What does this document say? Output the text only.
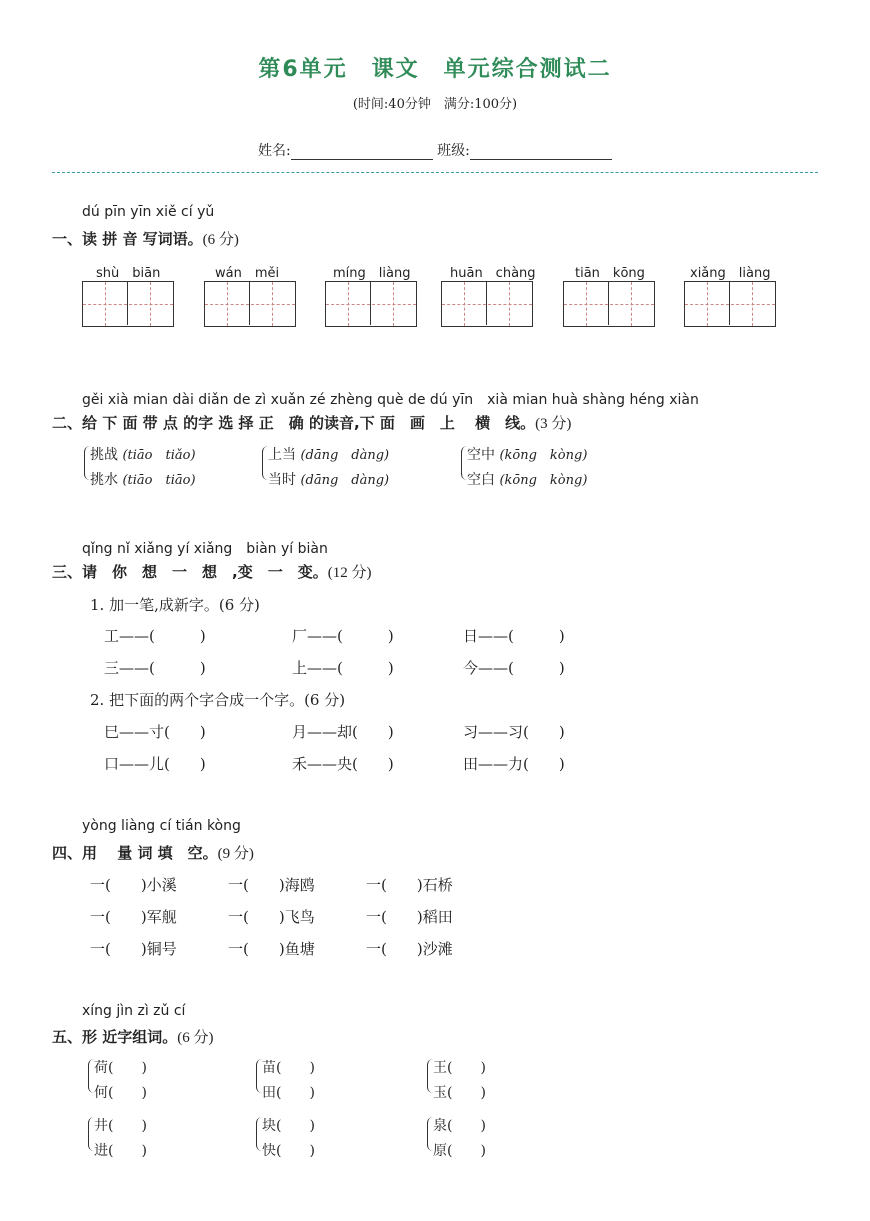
第6单元　课文　单元综合测试二
(时间:40分钟　满分:100分)
姓名:	班级:
dú pīn yīn xiě cí yǔ
一、读 拼 音 写词语。(6 分)
shù　biān	wán　měi	míng　liàng	huān　chàng	tiān　kōng	xiǎng　liàng
gěi xià mian dài diǎn de zì xuǎn zé zhèng què de dú yīn　xià mian huà shàng héng xiàn
二、给 下 面 带 点 的字 选 择 正　确 的读音,下 面　画　上　 横　线。(3 分)
挑战 (tiāo　tiǎo)
挑水 (tiāo　tiāo)
上当 (dāng　dàng)
当时 (dāng　dàng)
空中 (kōng　kòng)
空白 (kōng　kòng)
qǐng nǐ xiǎng yí xiǎng　biàn yí biàn
三、请　你　想　一　想　,变　一　变。(12 分)
1. 加一笔,成新字。(6 分)
工——(　　　)	厂——(　　　)	日——(　　　)
三——(　　　)	上——(　　　)	今——(　　　)
2. 把下面的两个字合成一个字。(6 分)
巳——寸(　　)	月——却(　　)	习——习(　　)
口——儿(　　)	禾——央(　　)	田——力(　　)
yòng liàng cí tián kòng
四、用　 量 词 填　空。(9 分)
一(　　)小溪	一(　　)海鸥	一(　　)石桥
一(　　)军舰	一(　　)飞鸟	一(　　)稻田
一(　　)铜号	一(　　)鱼塘	一(　　)沙滩
xíng jìn zì zǔ cí
五、形 近字组词。(6 分)
荷(　　)
何(　　)
苗(　　)
田(　　)
王(　　)
玉(　　)
井(　　)
进(　　)
块(　　)
快(　　)
泉(　　)
原(　　)
